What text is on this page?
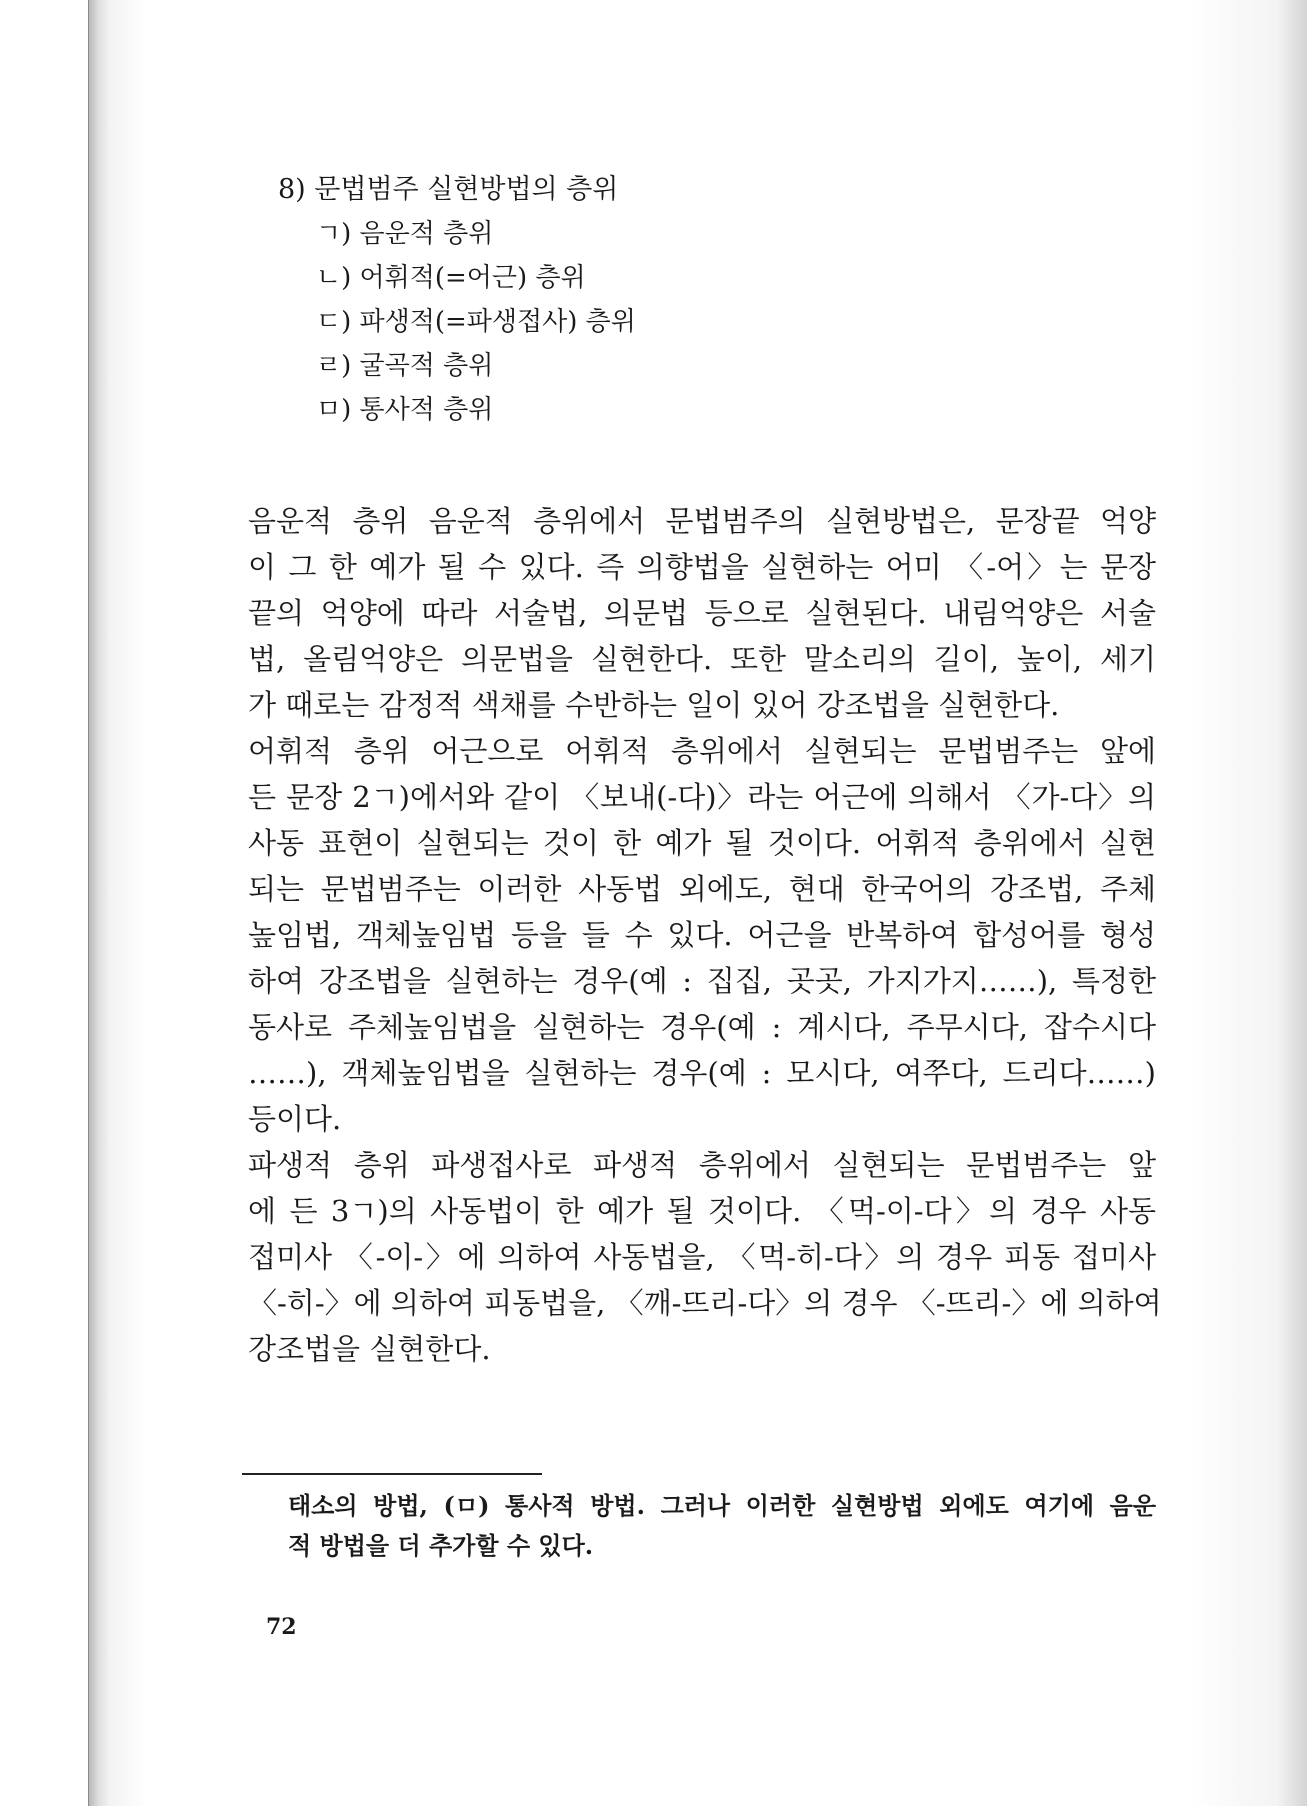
8) 문법범주 실현방법의 층위
ㄱ) 음운적 층위
ㄴ) 어휘적(=어근) 층위
ㄷ) 파생적(=파생접사) 층위
ㄹ) 굴곡적 층위
ㅁ) 통사적 층위
음운적 층위 음운적 층위에서 문법범주의 실현방법은, 문장끝 억양
이 그 한 예가 될 수 있다. 즉 의향법을 실현하는 어미 〈-어〉는 문장
끝의 억양에 따라 서술법, 의문법 등으로 실현된다. 내림억양은 서술
법, 올림억양은 의문법을 실현한다. 또한 말소리의 길이, 높이, 세기
가 때로는 감정적 색채를 수반하는 일이 있어 강조법을 실현한다.
어휘적 층위 어근으로 어휘적 층위에서 실현되는 문법범주는 앞에
든 문장 2ㄱ)에서와 같이 〈보내(-다)〉라는 어근에 의해서 〈가-다〉의
사동 표현이 실현되는 것이 한 예가 될 것이다. 어휘적 층위에서 실현
되는 문법범주는 이러한 사동법 외에도, 현대 한국어의 강조법, 주체
높임법, 객체높임법 등을 들 수 있다. 어근을 반복하여 합성어를 형성
하여 강조법을 실현하는 경우(예 : 집집, 곳곳, 가지가지……), 특정한
동사로 주체높임법을 실현하는 경우(예 : 계시다, 주무시다, 잡수시다
……), 객체높임법을 실현하는 경우(예 : 모시다, 여쭈다, 드리다……)
등이다.
파생적 층위 파생접사로 파생적 층위에서 실현되는 문법범주는 앞
에 든 3ㄱ)의 사동법이 한 예가 될 것이다. 〈먹-이-다〉의 경우 사동
접미사 〈-이-〉에 의하여 사동법을, 〈먹-히-다〉의 경우 피동 접미사
〈-히-〉에 의하여 피동법을, 〈깨-뜨리-다〉의 경우 〈-뜨리-〉에 의하여
강조법을 실현한다.
태소의 방법, (ㅁ) 통사적 방법. 그러나 이러한 실현방법 외에도 여기에 음운
적 방법을 더 추가할 수 있다.
72
